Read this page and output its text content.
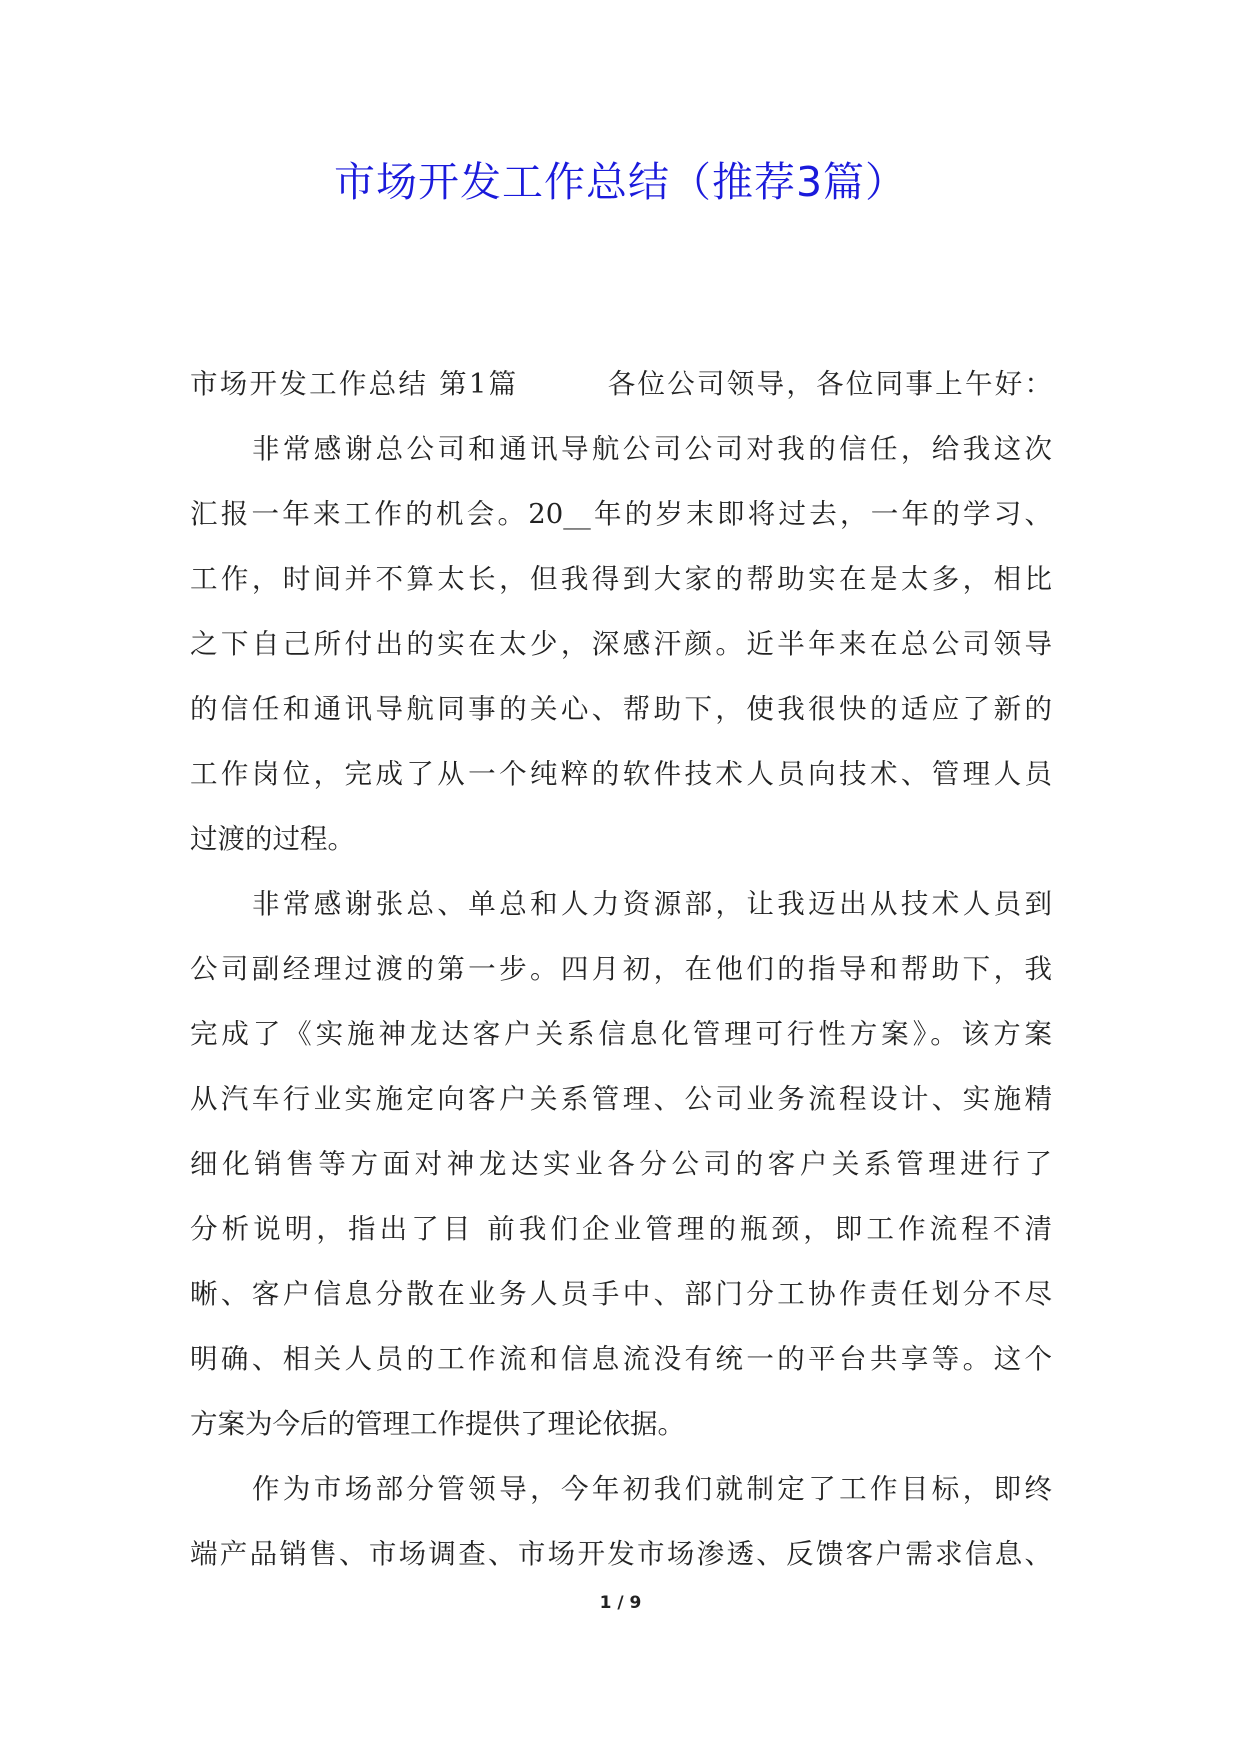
市场开发工作总结（推荐3篇）
市场开发工作总结 第1篇　　　各位公司领导，各位同事上午好：
非常感谢总公司和通讯导航公司公司对我的信任，给我这次
汇报一年来工作的机会。20__年的岁末即将过去，一年的学习、
工作，时间并不算太长，但我得到大家的帮助实在是太多，相比
之下自己所付出的实在太少，深感汗颜。近半年来在总公司领导
的信任和通讯导航同事的关心、帮助下，使我很快的适应了新的
工作岗位，完成了从一个纯粹的软件技术人员向技术、管理人员
过渡的过程。
非常感谢张总、单总和人力资源部，让我迈出从技术人员到
公司副经理过渡的第一步。四月初，在他们的指导和帮助下，我
完成了《实施神龙达客户关系信息化管理可行性方案》。该方案
从汽车行业实施定向客户关系管理、公司业务流程设计、实施精
细化销售等方面对神龙达实业各分公司的客户关系管理进行了
分析说明，指出了目 前我们企业管理的瓶颈，即工作流程不清
晰、客户信息分散在业务人员手中、部门分工协作责任划分不尽
明确、相关人员的工作流和信息流没有统一的平台共享等。这个
方案为今后的管理工作提供了理论依据。
作为市场部分管领导，今年初我们就制定了工作目标，即终
端产品销售、市场调查、市场开发市场渗透、反馈客户需求信息、
1 / 9
